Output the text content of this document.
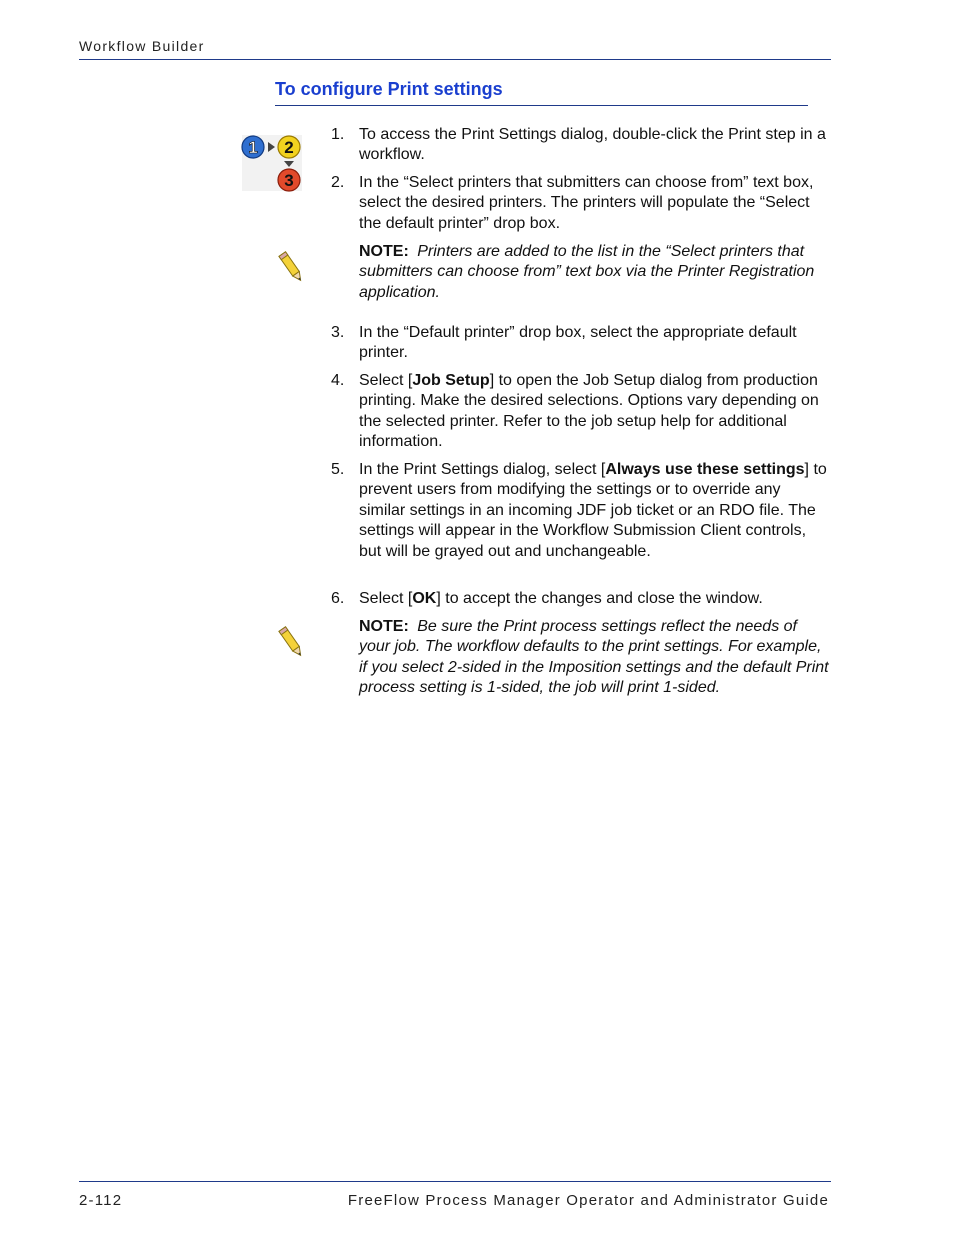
Workflow Builder
To configure Print settings
1 2
3
1. To access the Print Settings dialog, double-click the Print step in a workflow.
2. In the “Select printers that submitters can choose from” text box, select the desired printers. The printers will populate the “Select the default printer” drop box.
NOTE: Printers are added to the list in the “Select printers that submitters can choose from” text box via the Printer Registration application.
3. In the “Default printer” drop box, select the appropriate default printer.
4. Select [Job Setup] to open the Job Setup dialog from production printing. Make the desired selections. Options vary depending on the selected printer. Refer to the job setup help for additional information.
5. In the Print Settings dialog, select [Always use these settings] to prevent users from modifying the settings or to override any similar settings in an incoming JDF job ticket or an RDO file. The settings will appear in the Workflow Submission Client controls, but will be grayed out and unchangeable.
6. Select [OK] to accept the changes and close the window.
NOTE: Be sure the Print process settings reflect the needs of your job. The workflow defaults to the print settings. For example, if you select 2-sided in the Imposition settings and the default Print process setting is 1-sided, the job will print 1-sided.
2-112	FreeFlow Process Manager Operator and Administrator Guide
